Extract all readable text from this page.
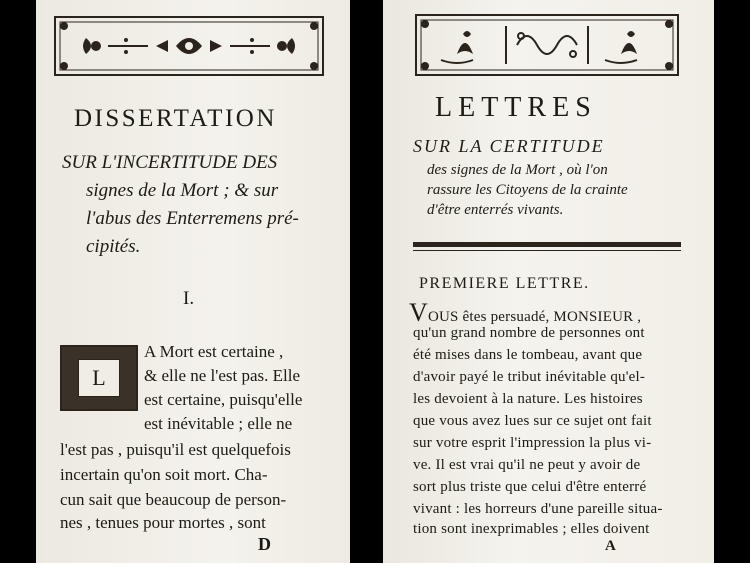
DISSERTATION
SUR L'INCERTITUDE DES
signes de la Mort ; & sur
l'abus des Enterremens pré-
cipités.
I.
L
A Mort est certaine ,
& elle ne l'est pas. Elle
est certaine, puisqu'elle
est inévitable ; elle ne
l'est pas , puisqu'il est quelquefois
incertain qu'on soit mort. Cha-
cun sait que beaucoup de person-
nes , tenues pour mortes , sont
D
LETTRES
SUR LA CERTITUDE
des signes de la Mort , où l'on
rassure les Citoyens de la crainte
d'être enterrés vivants.
PREMIERE LETTRE.
VOUS êtes persuadé, MONSIEUR ,
qu'un grand nombre de personnes ont
été mises dans le tombeau, avant que
d'avoir payé le tribut inévitable qu'el-
les devoient à la nature. Les histoires
que vous avez lues sur ce sujet ont fait
sur votre esprit l'impression la plus vi-
ve. Il est vrai qu'il ne peut y avoir de
sort plus triste que celui d'être enterré
vivant : les horreurs d'une pareille situa-
tion sont inexprimables ; elles doivent
A
